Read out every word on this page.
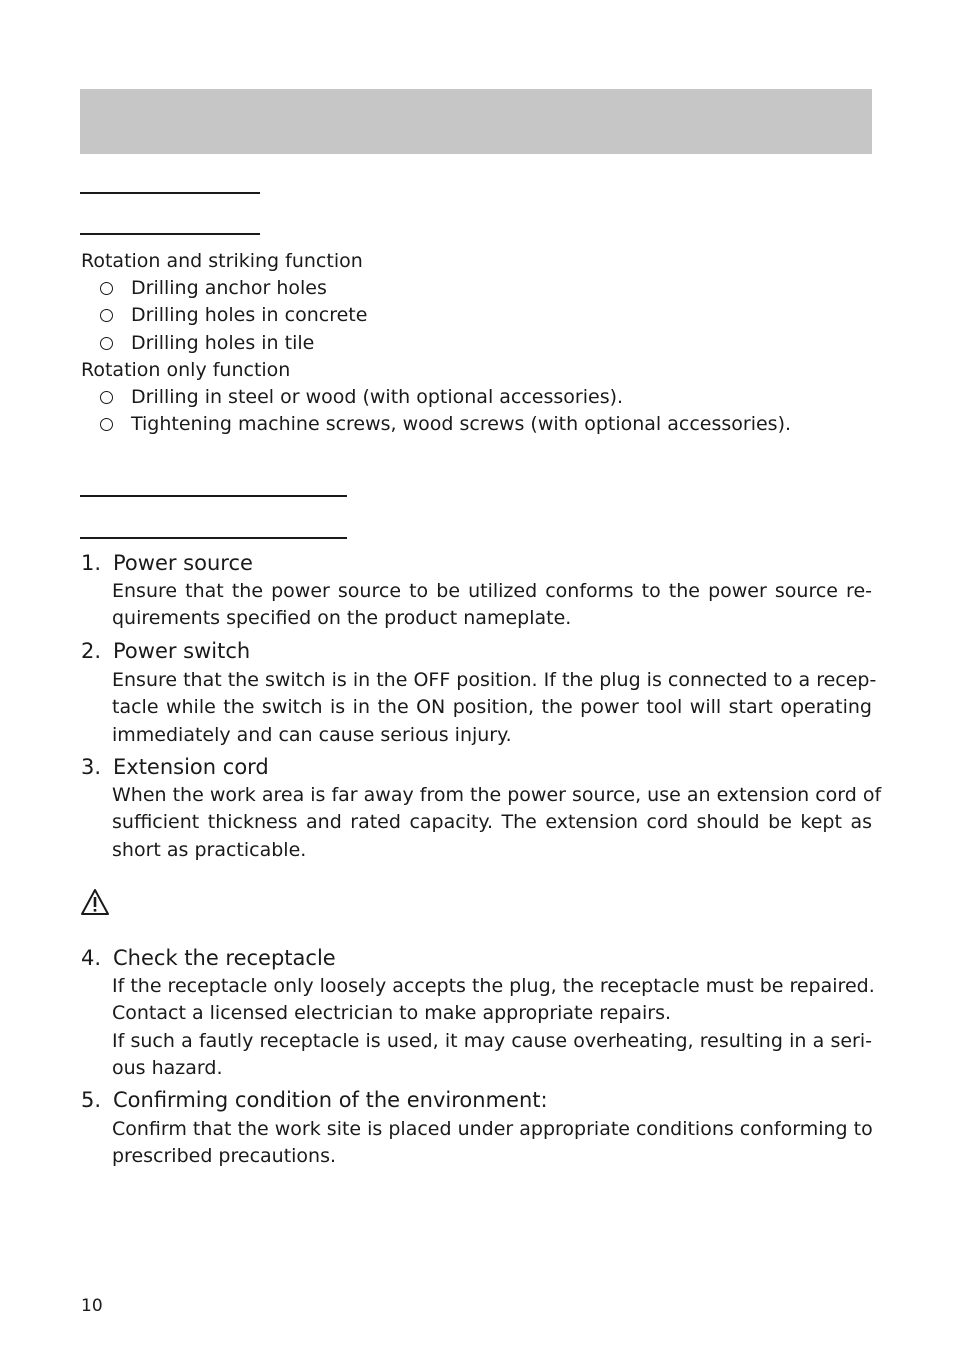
Rotation and striking function
Drilling anchor holes
Drilling holes in concrete
Drilling holes in tile
Rotation only function
Drilling in steel or wood (with optional accessories).
Tightening machine screws, wood screws (with optional accessories).
1. Power source
Ensure that the power source to be utilized conforms to the power source re-
quirements specified on the product nameplate.
2. Power switch
Ensure that the switch is in the OFF position. If the plug is connected to a recep-
tacle while the switch is in the ON position, the power tool will start operating
immediately and can cause serious injury.
3. Extension cord
When the work area is far away from the power source, use an extension cord of
sufficient thickness and rated capacity. The extension cord should be kept as
short as practicable.
4. Check the receptacle
If the receptacle only loosely accepts the plug, the receptacle must be repaired.
Contact a licensed electrician to make appropriate repairs.
If such a fautly receptacle is used, it may cause overheating, resulting in a seri-
ous hazard.
5. Confirming condition of the environment:
Confirm that the work site is placed under appropriate conditions conforming to
prescribed precautions.
10
